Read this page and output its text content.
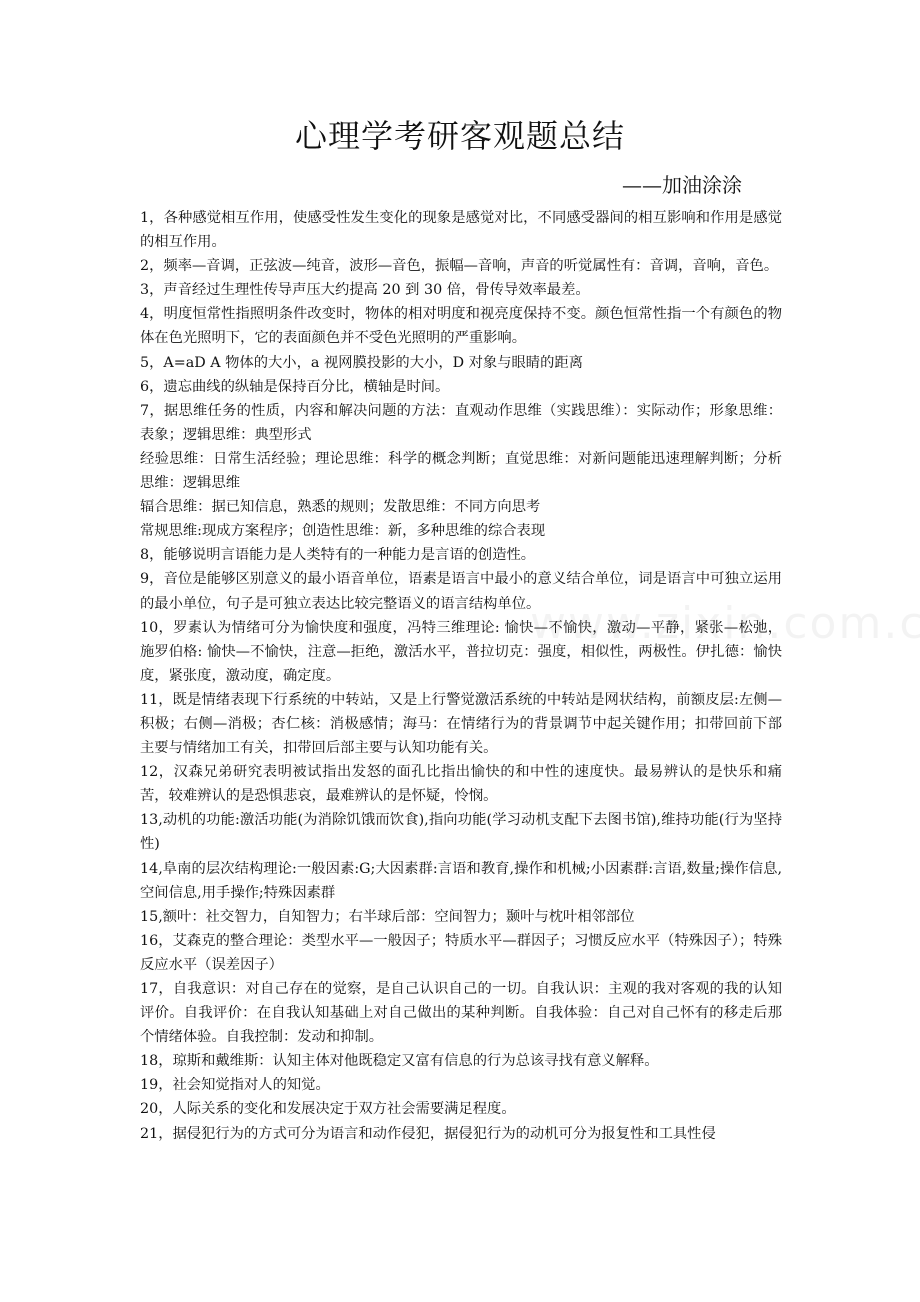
心理学考研客观题总结

——加油涂涂

1，各种感觉相互作用，使感受性发生变化的现象是感觉对比，不同感受器间的相互影响和作用是感觉的相互作用。

2，频率—音调，正弦波—纯音，波形—音色，振幅—音响，声音的听觉属性有：音调，音响，音色。

3，声音经过生理性传导声压大约提高 20 到 30 倍，骨传导效率最差。

4，明度恒常性指照明条件改变时，物体的相对明度和视亮度保持不变。颜色恒常性指一个有颜色的物体在色光照明下，它的表面颜色并不受色光照明的严重影响。

5，A=aD A 物体的大小，a 视网膜投影的大小，D 对象与眼睛的距离

6，遗忘曲线的纵轴是保持百分比，横轴是时间。

7，据思维任务的性质，内容和解决问题的方法：直观动作思维（实践思维）：实际动作；形象思维：表象；逻辑思维：典型形式

经验思维：日常生活经验；理论思维：科学的概念判断；直觉思维：对新问题能迅速理解判断；分析思维：逻辑思维

辐合思维：据已知信息，熟悉的规则；发散思维：不同方向思考

常规思维:现成方案程序；创造性思维：新，多种思维的综合表现

8，能够说明言语能力是人类特有的一种能力是言语的创造性。

9，音位是能够区别意义的最小语音单位，语素是语言中最小的意义结合单位，词是语言中可独立运用的最小单位，句子是可独立表达比较完整语义的语言结构单位。

10，罗素认为情绪可分为愉快度和强度，冯特三维理论: 愉快—不愉快，激动—平静，紧张—松弛，施罗伯格: 愉快—不愉快，注意—拒绝，激活水平，普拉切克：强度，相似性，两极性。伊扎德：愉快度，紧张度，激动度，确定度。

11，既是情绪表现下行系统的中转站，又是上行警觉激活系统的中转站是网状结构，前额皮层:左侧—积极；右侧—消极；杏仁核：消极感情；海马：在情绪行为的背景调节中起关键作用；扣带回前下部主要与情绪加工有关，扣带回后部主要与认知功能有关。

12，汉森兄弟研究表明被试指出发怒的面孔比指出愉快的和中性的速度快。最易辨认的是快乐和痛苦，较难辨认的是恐惧悲哀，最难辨认的是怀疑，怜悯。

13,动机的功能:激活功能(为消除饥饿而饮食),指向功能(学习动机支配下去图书馆),维持功能(行为坚持性)

14,阜南的层次结构理论:一般因素:G;大因素群:言语和教育,操作和机械;小因素群:言语,数量;操作信息,空间信息,用手操作;特殊因素群

15,额叶：社交智力，自知智力；右半球后部：空间智力；颞叶与枕叶相邻部位

16，艾森克的整合理论：类型水平—一般因子；特质水平—群因子；习惯反应水平（特殊因子）；特殊反应水平（误差因子）

17，自我意识：对自己存在的觉察，是自己认识自己的一切。自我认识：主观的我对客观的我的认知评价。自我评价：在自我认知基础上对自己做出的某种判断。自我体验：自己对自己怀有的移走后那个情绪体验。自我控制：发动和抑制。

18，琼斯和戴维斯：认知主体对他既稳定又富有信息的行为总该寻找有意义解释。

19，社会知觉指对人的知觉。

20，人际关系的变化和发展决定于双方社会需要满足程度。

21，据侵犯行为的方式可分为语言和动作侵犯，据侵犯行为的动机可分为报复性和工具性侵
